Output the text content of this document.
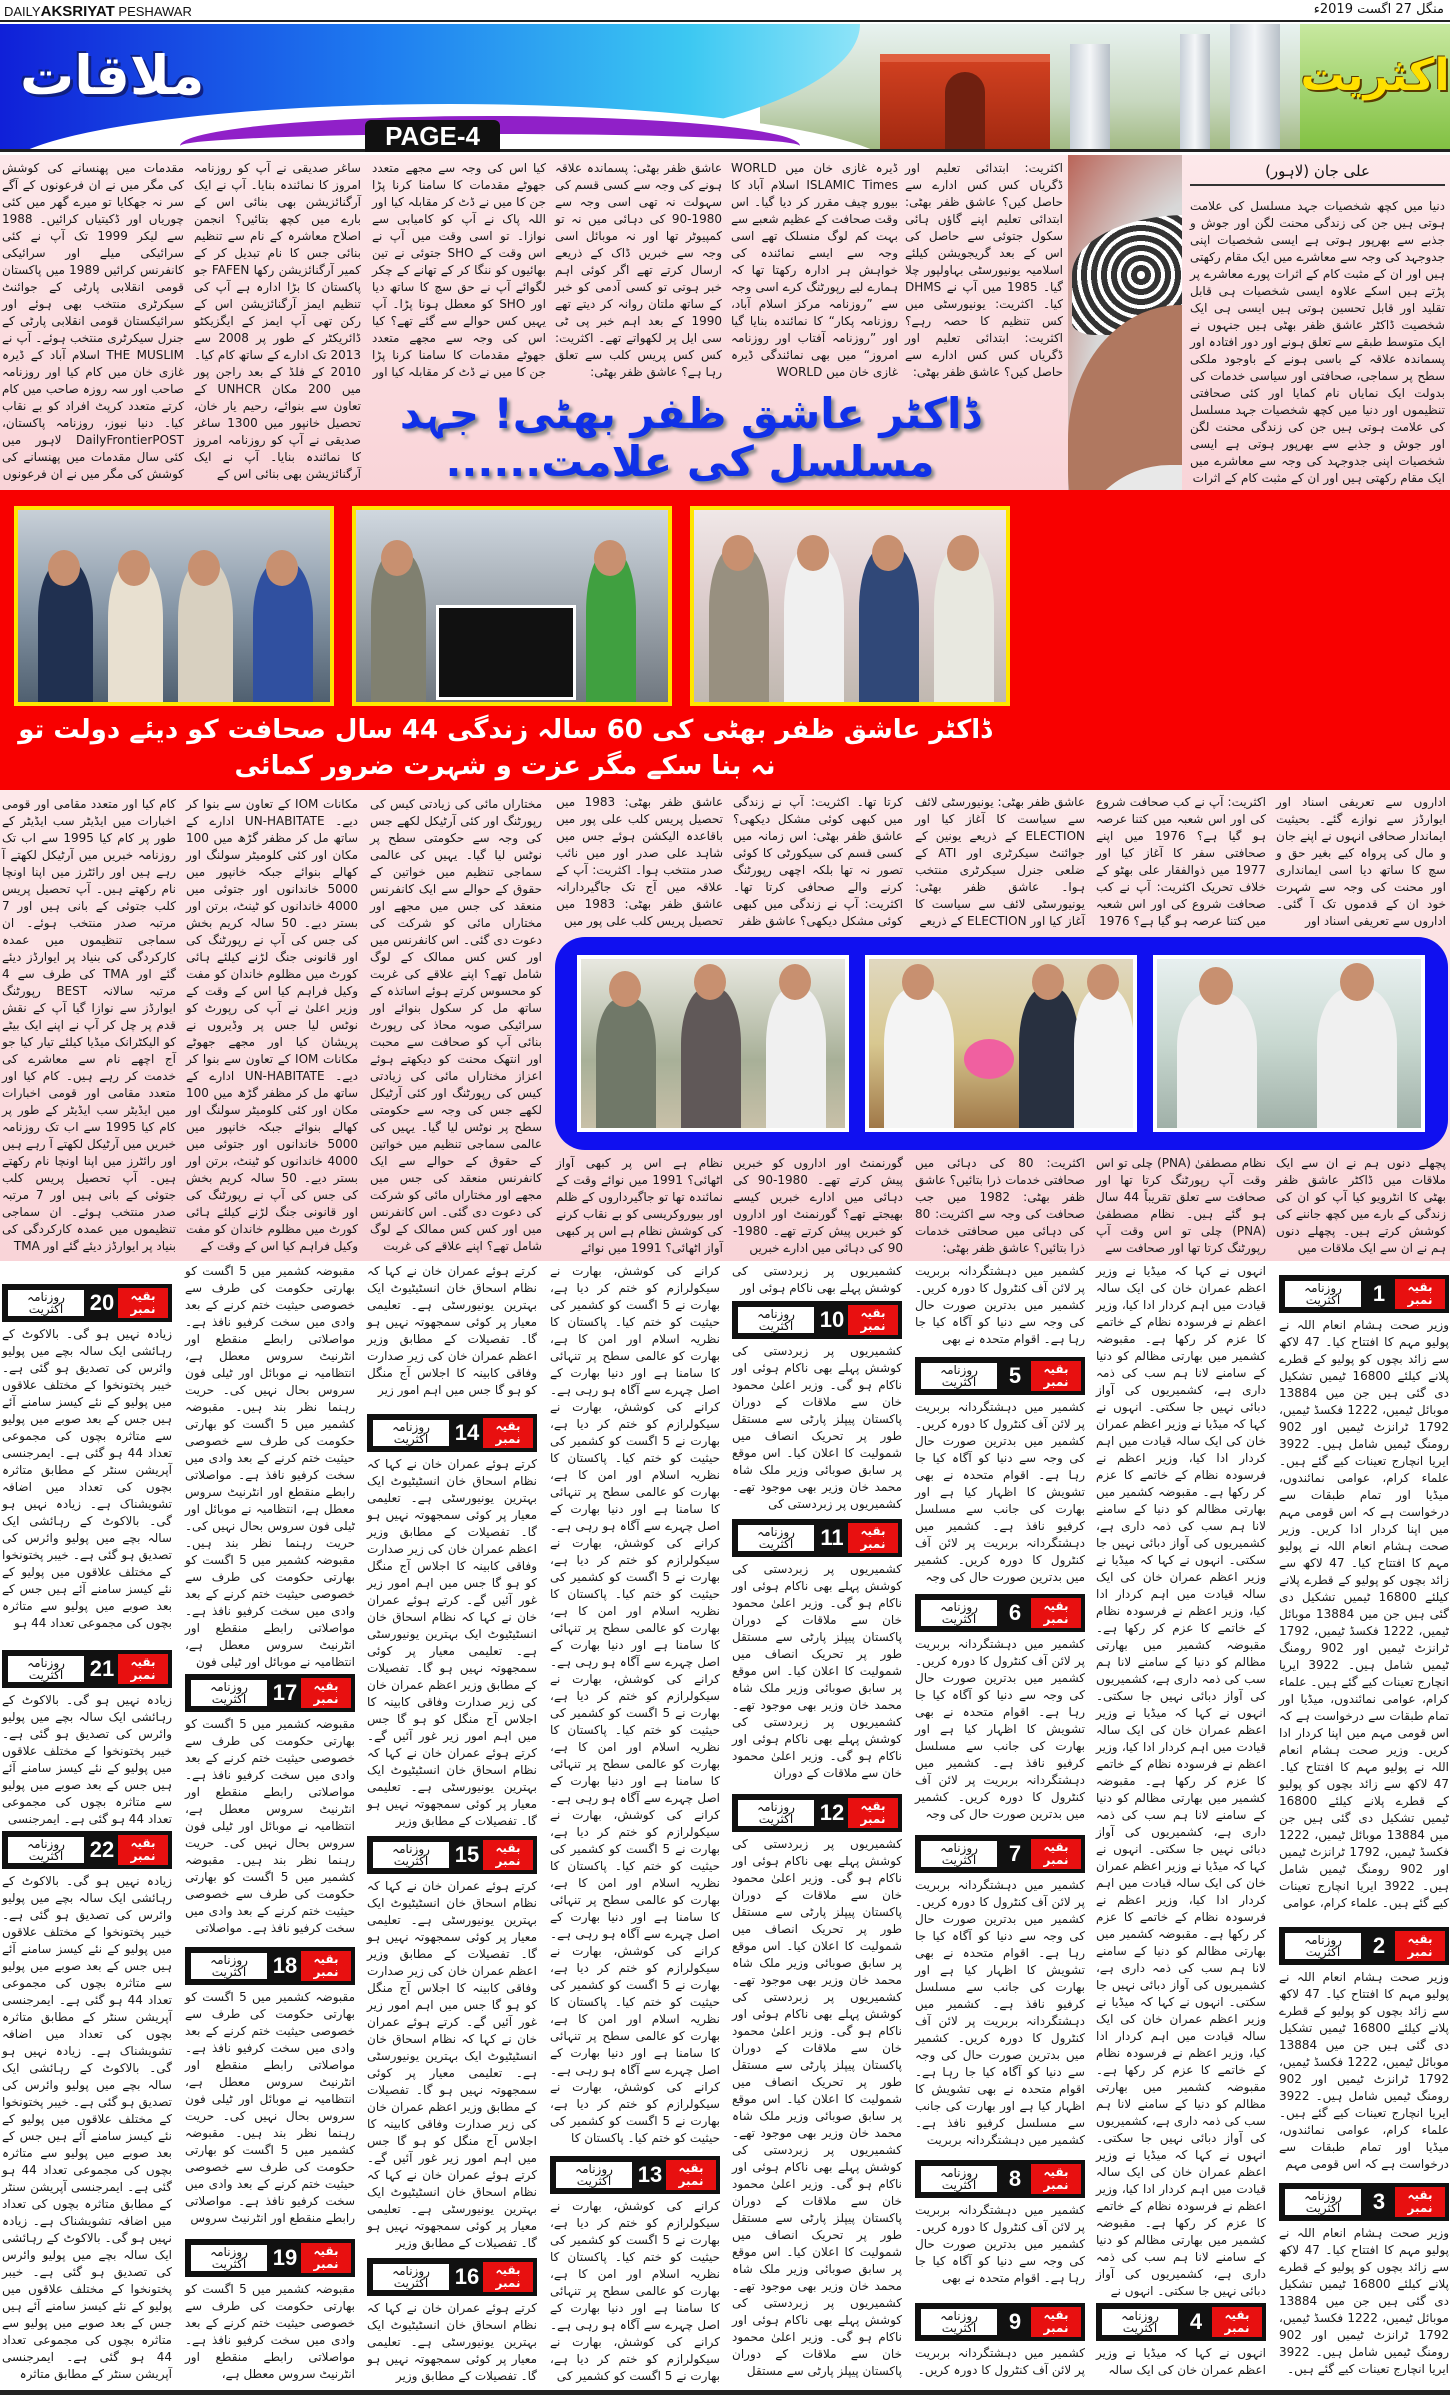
DAILYAKSRIYAT PESHAWAR	منگل 27 اگست 2019ء
ملاقات	اکثریت
PAGE-4
علی جان (لاہور)
دنیا میں کچھ شخصیات جہد مسلسل کی علامت ہوتی ہیں جن کی زندگی محنت لگن اور جوش و جذبے سے بھرپور ہوتی ہے ایسی شخصیات اپنی جدوجہد کی وجہ سے معاشرے میں ایک مقام رکھتی ہیں اور ان کے مثبت کام کے اثرات پورے معاشرے پر پڑتے ہیں اسکے علاوہ ایسی شخصیات ہی قابل تقلید اور قابل تحسین ہوتی ہیں ایسی ہی ایک شخصیت ڈاکٹر عاشق ظفر بھٹی ہیں جنہوں نے ایک متوسط طبقے سے تعلق ہونے اور دور افتادہ اور پسماندہ علاقہ کے باسی ہونے کے باوجود ملکی سطح پر سماجی، صحافتی اور سیاسی خدمات کی بدولت ایک نمایاں نام کمایا اور کئی صحافتی تنظیموں اور دنیا میں کچھ شخصیات جہد مسلسل کی علامت ہوتی ہیں جن کی زندگی محنت لگن اور جوش و جذبے سے بھرپور ہوتی ہے ایسی شخصیات اپنی جدوجہد کی وجہ سے معاشرے میں ایک مقام رکھتی ہیں اور ان کے مثبت کام کے اثرات
اکثریت: ابتدائی تعلیم اور ڈگریاں کس کس ادارے سے حاصل کیں؟ عاشق ظفر بھٹی: ابتدائی تعلیم اپنے گاؤں ہائی سکول جتوئی سے حاصل کی اس کے بعد گریجویشن کیلئے اسلامیہ یونیورسٹی بہاولپور چلا گیا۔ 1985 میں آپ نے DHMS کیا۔ اکثریت: یونیورسٹی میں کس تنظیم کا حصہ رہے؟ اکثریت: ابتدائی تعلیم اور ڈگریاں کس کس ادارے سے حاصل کیں؟ عاشق ظفر بھٹی:
ڈیرہ غازی خان میں WORLD ISLAMIC Times اسلام آباد کا بیورو چیف مقرر کر دیا گیا۔ اس وقت صحافت کے عظیم شعبے سے بہت کم لوگ منسلک تھے اسی وجہ سے ایسے نمائندہ کی خواہش ہر ادارہ رکھتا تھا کہ ہمارے لیے رپورٹنگ کرے اسی وجہ سے ”روزنامہ مرکز اسلام آباد، روزنامہ پکار“ کا نمائندہ بنایا گیا اور ”روزنامہ آفتاب اور روزنامہ امروز“ میں بھی نمائندگی ڈیرہ غازی خان میں WORLD
عاشق ظفر بھٹی: پسماندہ علاقہ ہونے کی وجہ سے کسی قسم کی سہولت نہ تھی اسی وجہ سے 1980-90 کی دہائی میں نہ تو کمپیوٹر تھا اور نہ موبائل اسی وجہ سے خبریں ڈاک کے ذریعے ارسال کرتے تھے اگر کوئی اہم خبر ہوتی تو کسی آدمی کو خبر کے ساتھ ملتان روانہ کر دیتے تھے 1990 کے بعد اہم خبر پی ٹی سی ایل پر لکھواتے تھے۔ اکثریت: کس کس پریس کلب سے تعلق رہا ہے؟ عاشق ظفر بھٹی:
کیا اس کی وجہ سے مجھے متعدد جھوٹے مقدمات کا سامنا کرنا پڑا جن کا میں نے ڈٹ کر مقابلہ کیا اور اللہ پاک نے آپ کو کامیابی سے نوازا۔ تو اسی وقت میں آپ نے اس وقت کے SHO جتوئی نے تین بھائیوں کو ننگا کر کے تھانے کے چکر لگوائے آپ نے حق سچ کا ساتھ دیا اور SHO کو معطل ہونا پڑا۔ آپ یہیں کس حوالے سے گئے تھے؟ کیا اس کی وجہ سے مجھے متعدد جھوٹے مقدمات کا سامنا کرنا پڑا جن کا میں نے ڈٹ کر مقابلہ کیا اور
ساغر صدیقی نے آپ کو روزنامہ امروز کا نمائندہ بنایا۔ آپ نے ایک آرگنائزیشن بھی بنائی اس کے بارے میں کچھ بتائیں؟ انجمن اصلاح معاشرہ کے نام سے تنظیم بنائی جس کا نام تبدیل کر کے کمیر آرگنائزیشن رکھا FAFEN جو پاکستان کا بڑا ادارہ ہے آپ کی تنظیم ایمز آرگنائزیشن اس کے رکن تھی آپ ایمز کے ایگزیکٹو ڈائریکٹر کے طور پر 2008 سے 2013 تک ادارے کے ساتھ کام کیا۔ 2010 کے فلڈ کے بعد راجن پور میں 200 مکان UNHCR کے تعاون سے بنوائے، رحیم یار خان، تحصیل خانپور میں 1300 ساغر صدیقی نے آپ کو روزنامہ امروز کا نمائندہ بنایا۔ آپ نے ایک آرگنائزیشن بھی بنائی اس کے
مقدمات میں پھنسانے کی کوشش کی مگر میں نے ان فرعونوں کے آگے سر نہ جھکایا تو میرے گھر میں کئی چوریاں اور ڈکیتیاں کرائیں۔ 1988 سے لیکر 1999 تک آپ نے کئی سرائیکی میلے اور سرائیکی کانفرنس کرائیں 1989 میں پاکستان قومی انقلابی پارٹی کے جوائنٹ سیکرٹری منتخب بھی ہوئے اور سرائیکستان قومی انقلابی پارٹی کے جنرل سیکرٹری منتخب ہوئے۔ آپ نے THE MUSLIM اسلام آباد کے ڈیرہ غازی خان میں کام کیا اور روزنامہ صاحب اور سہ روزہ صاحب میں کام کرتے متعدد کرپٹ افراد کو بے نقاب کیا۔ دنیا نیوز، روزنامہ پاکستان، DailyFrontierPOST لاہور میں کئی سال مقدمات میں پھنسانے کی کوشش کی مگر میں نے ان فرعونوں
ڈاکٹر عاشق ظفر بھٹی! جہد مسلسل کی علامت......
ڈاکٹر عاشق ظفر بھٹی کی 60 سالہ زندگی 44 سال صحافت کو دیئے دولت تو نہ بنا سکے مگر عزت و شہرت ضرور کمائی
اداروں سے تعریفی اسناد اور ایوارڈز سے نوازے گئے۔ بحیثیت ایماندار صحافی انہوں نے اپنے جان و مال کی پرواہ کیے بغیر حق و سچ کا ساتھ دیا اسی ایمانداری اور محنت کی وجہ سے شہرت خود ان کے قدموں تک آ گئی۔ اداروں سے تعریفی اسناد اور
اکثریت: آپ نے کب صحافت شروع کی اور اس شعبہ میں کتنا عرصہ ہو گیا ہے؟ 1976 میں اپنے صحافتی سفر کا آغاز کیا اور 1977 میں ذوالفقار علی بھٹو کے خلاف تحریک اکثریت: آپ نے کب صحافت شروع کی اور اس شعبہ میں کتنا عرصہ ہو گیا ہے؟ 1976
عاشق ظفر بھٹی: یونیورسٹی لائف سے سیاست کا آغاز کیا اور ELECTION کے ذریعے یونین کے جوائنٹ سیکرٹری اور ATI کے ضلعی جنرل سیکرٹری منتخب ہوا۔ عاشق ظفر بھٹی: یونیورسٹی لائف سے سیاست کا آغاز کیا اور ELECTION کے ذریعے
کرتا تھا۔ اکثریت: آپ نے زندگی میں کبھی کوئی مشکل دیکھی؟ عاشق ظفر بھٹی: اس زمانہ میں کسی قسم کی سیکورٹی کا کوئی تصور نہ تھا بلکہ اچھی رپورٹنگ کرنے والے صحافی کرتا تھا۔ اکثریت: آپ نے زندگی میں کبھی کوئی مشکل دیکھی؟ عاشق ظفر
عاشق ظفر بھٹی: 1983 میں تحصیل پریس کلب علی پور میں باقاعدہ الیکشن ہوئے جس میں شاہد علی صدر اور میں نائب صدر منتخب ہوا۔ اکثریت: آپ کے علاقہ میں آج تک جاگیردارانہ عاشق ظفر بھٹی: 1983 میں تحصیل پریس کلب علی پور میں
مختاراں مائی کی زیادتی کیس کی رپورٹنگ اور کئی آرٹیکل لکھے جس کی وجہ سے حکومتی سطح پر نوٹس لیا گیا۔ یہیں کی عالمی سماجی تنظیم میں خواتین کے حقوق کے حوالے سے ایک کانفرنس منعقد کی جس میں مجھے اور مختاراں مائی کو شرکت کی دعوت دی گئی۔ اس کانفرنس میں اور کس کس ممالک کے لوگ شامل تھے؟ اپنے علاقے کی غربت کو محسوس کرتے ہوئے اساتذہ کے ساتھ مل کر سکول بنوائے اور سرائیکی صوبہ محاذ کی رپورٹ بنائی آپ کو صحافت سے محبت اور انتھک محنت کو دیکھتے ہوئے اعزاز مختاراں مائی کی زیادتی کیس کی رپورٹنگ اور کئی آرٹیکل لکھے جس کی وجہ سے حکومتی سطح پر نوٹس لیا گیا۔ یہیں کی عالمی سماجی تنظیم میں خواتین کے حقوق کے حوالے سے ایک کانفرنس منعقد کی جس میں مجھے اور مختاراں مائی کو شرکت کی دعوت دی گئی۔ اس کانفرنس میں اور کس کس ممالک کے لوگ شامل تھے؟ اپنے علاقے کی غربت
مکانات IOM کے تعاون سے بنوا کر دیے۔ UN-HABITATE ادارے کے ساتھ مل کر مظفر گڑھ میں 100 مکان اور کئی کلومیٹر سولنگ اور کھالے بنوائے جبکہ خانپور میں 5000 خاندانوں اور جتوئی میں 4000 خاندانوں کو ٹینٹ، برتن اور بستر دیے۔ 50 سالہ کریم بخش کی جس کی آپ نے رپورٹنگ کی اور قانونی جنگ لڑنے کیلئے ہائی کورٹ میں مظلوم خاندان کو مفت وکیل فراہم کیا اس کے وقت کے وزیر اعلیٰ نے آپ کی رپورٹ کو نوٹس لیا جس پر وڈیروں نے پریشان کیا اور مجھے جھوٹے مکانات IOM کے تعاون سے بنوا کر دیے۔ UN-HABITATE ادارے کے ساتھ مل کر مظفر گڑھ میں 100 مکان اور کئی کلومیٹر سولنگ اور کھالے بنوائے جبکہ خانپور میں 5000 خاندانوں اور جتوئی میں 4000 خاندانوں کو ٹینٹ، برتن اور بستر دیے۔ 50 سالہ کریم بخش کی جس کی آپ نے رپورٹنگ کی اور قانونی جنگ لڑنے کیلئے ہائی کورٹ میں مظلوم خاندان کو مفت وکیل فراہم کیا اس کے وقت کے
کام کیا اور متعدد مقامی اور قومی اخبارات میں ایڈیٹر سب ایڈیٹر کے طور پر کام کیا 1995 سے اب تک روزنامہ خبریں میں آرٹیکل لکھتے آ رہے ہیں اور رائٹرز میں اپنا اونچا نام رکھتے ہیں۔ آپ تحصیل پریس کلب جتوئی کے بانی ہیں اور 7 مرتبہ صدر منتخب ہوئے۔ ان سماجی تنظیموں میں عمدہ کارکردگی کی بنیاد پر ایوارڈز دیئے گئے اور TMA کی طرف سے 4 مرتبہ سالانہ BEST رپورٹنگ ایوارڈز سے نوازا گیا آپ کے نقش قدم پر چل کر آپ نے اپنے ایک بیٹے کو الیکٹرانک میڈیا کیلئے تیار کیا جو آج اچھے نام سے معاشرے کی خدمت کر رہے ہیں۔ کام کیا اور متعدد مقامی اور قومی اخبارات میں ایڈیٹر سب ایڈیٹر کے طور پر کام کیا 1995 سے اب تک روزنامہ خبریں میں آرٹیکل لکھتے آ رہے ہیں اور رائٹرز میں اپنا اونچا نام رکھتے ہیں۔ آپ تحصیل پریس کلب جتوئی کے بانی ہیں اور 7 مرتبہ صدر منتخب ہوئے۔ ان سماجی تنظیموں میں عمدہ کارکردگی کی بنیاد پر ایوارڈز دیئے گئے اور TMA
پچھلے دنوں ہم نے ان سے ایک ملاقات میں ڈاکٹر عاشق ظفر بھٹی کا انٹرویو کیا آپ کو ان کی زندگی کے بارے میں کچھ جاننے کی کوشش کرتے ہیں۔ پچھلے دنوں ہم نے ان سے ایک ملاقات میں
نظام مصطفیٰ (PNA) چلی تو اس وقت آپ رپورٹنگ کرتا تھا اور صحافت سے تعلق تقریباً 44 سال ہو گئے ہیں۔ نظام مصطفیٰ (PNA) چلی تو اس وقت آپ رپورٹنگ کرتا تھا اور صحافت سے
اکثریت: 80 کی دہائی میں صحافتی خدمات ذرا بتائیں؟ عاشق ظفر بھٹی: 1982 میں جب صحافت کی وجہ سے اکثریت: 80 کی دہائی میں صحافتی خدمات ذرا بتائیں؟ عاشق ظفر بھٹی:
گورنمنٹ اور اداروں کو خبریں پیش کرتے تھے۔ 1980-90 کی دہائی میں ادارے خبریں کیسے بھیجتے تھے؟ گورنمنٹ اور اداروں کو خبریں پیش کرتے تھے۔ 1980-90 کی دہائی میں ادارے خبریں
نظام ہے اس پر کبھی آواز اٹھائی؟ 1991 میں نوائے وقت کے نمائندہ تھا تو جاگیرداروں کے ظلم اور بیوروکریسی کو بے نقاب کرنے کی کوشش نظام ہے اس پر کبھی آواز اٹھائی؟ 1991 میں نوائے
بقیہ نمبر
1
روزنامہ اکثریت
وزیر صحت ہشام انعام اللہ نے پولیو مہم کا افتتاح کیا۔ 47 لاکھ سے زائد بچوں کو پولیو کے قطرے پلانے کیلئے 16800 ٹیمیں تشکیل دی گئی ہیں جن میں 13884 موبائل ٹیمیں، 1222 فکسڈ ٹیمیں، 1792 ٹرانزٹ ٹیمیں اور 902 رومنگ ٹیمیں شامل ہیں۔ 3922 ایریا انچارج تعینات کیے گئے ہیں۔ علماء کرام، عوامی نمائندوں، میڈیا اور تمام طبقات سے درخواست ہے کہ اس قومی مہم میں اپنا کردار ادا کریں۔ وزیر صحت ہشام انعام اللہ نے پولیو مہم کا افتتاح کیا۔ 47 لاکھ سے زائد بچوں کو پولیو کے قطرے پلانے کیلئے 16800 ٹیمیں تشکیل دی گئی ہیں جن میں 13884 موبائل ٹیمیں، 1222 فکسڈ ٹیمیں، 1792 ٹرانزٹ ٹیمیں اور 902 رومنگ ٹیمیں شامل ہیں۔ 3922 ایریا انچارج تعینات کیے گئے ہیں۔ علماء کرام، عوامی نمائندوں، میڈیا اور تمام طبقات سے درخواست ہے کہ اس قومی مہم میں اپنا کردار ادا کریں۔ وزیر صحت ہشام انعام اللہ نے پولیو مہم کا افتتاح کیا۔ 47 لاکھ سے زائد بچوں کو پولیو کے قطرے پلانے کیلئے 16800 ٹیمیں تشکیل دی گئی ہیں جن میں 13884 موبائل ٹیمیں، 1222 فکسڈ ٹیمیں، 1792 ٹرانزٹ ٹیمیں اور 902 رومنگ ٹیمیں شامل ہیں۔ 3922 ایریا انچارج تعینات کیے گئے ہیں۔ علماء کرام، عوامی
بقیہ نمبر
2
روزنامہ اکثریت
وزیر صحت ہشام انعام اللہ نے پولیو مہم کا افتتاح کیا۔ 47 لاکھ سے زائد بچوں کو پولیو کے قطرے پلانے کیلئے 16800 ٹیمیں تشکیل دی گئی ہیں جن میں 13884 موبائل ٹیمیں، 1222 فکسڈ ٹیمیں، 1792 ٹرانزٹ ٹیمیں اور 902 رومنگ ٹیمیں شامل ہیں۔ 3922 ایریا انچارج تعینات کیے گئے ہیں۔ علماء کرام، عوامی نمائندوں، میڈیا اور تمام طبقات سے درخواست ہے کہ اس قومی مہم
بقیہ نمبر
3
روزنامہ اکثریت
وزیر صحت ہشام انعام اللہ نے پولیو مہم کا افتتاح کیا۔ 47 لاکھ سے زائد بچوں کو پولیو کے قطرے پلانے کیلئے 16800 ٹیمیں تشکیل دی گئی ہیں جن میں 13884 موبائل ٹیمیں، 1222 فکسڈ ٹیمیں، 1792 ٹرانزٹ ٹیمیں اور 902 رومنگ ٹیمیں شامل ہیں۔ 3922 ایریا انچارج تعینات کیے گئے ہیں۔
انہوں نے کہا کہ میڈیا نے وزیر اعظم عمران خان کی ایک سالہ قیادت میں اہم کردار ادا کیا، وزیر اعظم نے فرسودہ نظام کے خاتمے کا عزم کر رکھا ہے۔ مقبوضہ کشمیر میں بھارتی مظالم کو دنیا کے سامنے لانا ہم سب کی ذمہ داری ہے، کشمیریوں کی آواز دبائی نہیں جا سکتی۔ انہوں نے کہا کہ میڈیا نے وزیر اعظم عمران خان کی ایک سالہ قیادت میں اہم کردار ادا کیا، وزیر اعظم نے فرسودہ نظام کے خاتمے کا عزم کر رکھا ہے۔ مقبوضہ کشمیر میں بھارتی مظالم کو دنیا کے سامنے لانا ہم سب کی ذمہ داری ہے، کشمیریوں کی آواز دبائی نہیں جا سکتی۔ انہوں نے کہا کہ میڈیا نے وزیر اعظم عمران خان کی ایک سالہ قیادت میں اہم کردار ادا کیا، وزیر اعظم نے فرسودہ نظام کے خاتمے کا عزم کر رکھا ہے۔ مقبوضہ کشمیر میں بھارتی مظالم کو دنیا کے سامنے لانا ہم سب کی ذمہ داری ہے، کشمیریوں کی آواز دبائی نہیں جا سکتی۔ انہوں نے کہا کہ میڈیا نے وزیر اعظم عمران خان کی ایک سالہ قیادت میں اہم کردار ادا کیا، وزیر اعظم نے فرسودہ نظام کے خاتمے کا عزم کر رکھا ہے۔ مقبوضہ کشمیر میں بھارتی مظالم کو دنیا کے سامنے لانا ہم سب کی ذمہ داری ہے، کشمیریوں کی آواز دبائی نہیں جا سکتی۔ انہوں نے کہا کہ میڈیا نے وزیر اعظم عمران خان کی ایک سالہ قیادت میں اہم کردار ادا کیا، وزیر اعظم نے فرسودہ نظام کے خاتمے کا عزم کر رکھا ہے۔ مقبوضہ کشمیر میں بھارتی مظالم کو دنیا کے سامنے لانا ہم سب کی ذمہ داری ہے، کشمیریوں کی آواز دبائی نہیں جا سکتی۔ انہوں نے کہا کہ میڈیا نے وزیر اعظم عمران خان کی ایک سالہ قیادت میں اہم کردار ادا کیا، وزیر اعظم نے فرسودہ نظام کے خاتمے کا عزم کر رکھا ہے۔ مقبوضہ کشمیر میں بھارتی مظالم کو دنیا کے سامنے لانا ہم سب کی ذمہ داری ہے، کشمیریوں کی آواز دبائی نہیں جا سکتی۔ انہوں نے کہا کہ میڈیا نے وزیر اعظم عمران خان کی ایک سالہ قیادت میں اہم کردار ادا کیا، وزیر اعظم نے فرسودہ نظام کے خاتمے کا عزم کر رکھا ہے۔ مقبوضہ کشمیر میں بھارتی مظالم کو دنیا کے سامنے لانا ہم سب کی ذمہ داری ہے، کشمیریوں کی آواز دبائی نہیں جا سکتی۔ انہوں نے
بقیہ نمبر
4
روزنامہ اکثریت
انہوں نے کہا کہ میڈیا نے وزیر اعظم عمران خان کی ایک سالہ
کشمیر میں دہشتگردانہ بربریت پر لائن آف کنٹرول کا دورہ کریں۔ کشمیر میں بدترین صورت حال کی وجہ سے دنیا کو آگاہ کیا جا رہا ہے۔ اقوام متحدہ نے بھی
بقیہ نمبر
5
روزنامہ اکثریت
کشمیر میں دہشتگردانہ بربریت پر لائن آف کنٹرول کا دورہ کریں۔ کشمیر میں بدترین صورت حال کی وجہ سے دنیا کو آگاہ کیا جا رہا ہے۔ اقوام متحدہ نے بھی تشویش کا اظہار کیا ہے اور بھارت کی جانب سے مسلسل کرفیو نافذ ہے۔ کشمیر میں دہشتگردانہ بربریت پر لائن آف کنٹرول کا دورہ کریں۔ کشمیر میں بدترین صورت حال کی وجہ
بقیہ نمبر
6
روزنامہ اکثریت
کشمیر میں دہشتگردانہ بربریت پر لائن آف کنٹرول کا دورہ کریں۔ کشمیر میں بدترین صورت حال کی وجہ سے دنیا کو آگاہ کیا جا رہا ہے۔ اقوام متحدہ نے بھی تشویش کا اظہار کیا ہے اور بھارت کی جانب سے مسلسل کرفیو نافذ ہے۔ کشمیر میں دہشتگردانہ بربریت پر لائن آف کنٹرول کا دورہ کریں۔ کشمیر میں بدترین صورت حال کی وجہ
بقیہ نمبر
7
روزنامہ اکثریت
کشمیر میں دہشتگردانہ بربریت پر لائن آف کنٹرول کا دورہ کریں۔ کشمیر میں بدترین صورت حال کی وجہ سے دنیا کو آگاہ کیا جا رہا ہے۔ اقوام متحدہ نے بھی تشویش کا اظہار کیا ہے اور بھارت کی جانب سے مسلسل کرفیو نافذ ہے۔ کشمیر میں دہشتگردانہ بربریت پر لائن آف کنٹرول کا دورہ کریں۔ کشمیر میں بدترین صورت حال کی وجہ سے دنیا کو آگاہ کیا جا رہا ہے۔ اقوام متحدہ نے بھی تشویش کا اظہار کیا ہے اور بھارت کی جانب سے مسلسل کرفیو نافذ ہے۔ کشمیر میں دہشتگردانہ بربریت
بقیہ نمبر
8
روزنامہ اکثریت
کشمیر میں دہشتگردانہ بربریت پر لائن آف کنٹرول کا دورہ کریں۔ کشمیر میں بدترین صورت حال کی وجہ سے دنیا کو آگاہ کیا جا رہا ہے۔ اقوام متحدہ نے بھی
بقیہ نمبر
9
روزنامہ اکثریت
کشمیر میں دہشتگردانہ بربریت پر لائن آف کنٹرول کا دورہ کریں۔
کشمیریوں پر زبردستی کی کوشش پہلے بھی ناکام ہوئی اور
بقیہ نمبر
10
روزنامہ اکثریت
کشمیریوں پر زبردستی کی کوشش پہلے بھی ناکام ہوئی اور ناکام ہو گی۔ وزیر اعلیٰ محمود خان سے ملاقات کے دوران پاکستان پیپلز پارٹی سے مستقل طور پر تحریک انصاف میں شمولیت کا اعلان کیا۔ اس موقع پر سابق صوبائی وزیر ملک شاہ محمد خان وزیر بھی موجود تھے۔ کشمیریوں پر زبردستی کی
بقیہ نمبر
11
روزنامہ اکثریت
کشمیریوں پر زبردستی کی کوشش پہلے بھی ناکام ہوئی اور ناکام ہو گی۔ وزیر اعلیٰ محمود خان سے ملاقات کے دوران پاکستان پیپلز پارٹی سے مستقل طور پر تحریک انصاف میں شمولیت کا اعلان کیا۔ اس موقع پر سابق صوبائی وزیر ملک شاہ محمد خان وزیر بھی موجود تھے۔ کشمیریوں پر زبردستی کی کوشش پہلے بھی ناکام ہوئی اور ناکام ہو گی۔ وزیر اعلیٰ محمود خان سے ملاقات کے دوران
بقیہ نمبر
12
روزنامہ اکثریت
کشمیریوں پر زبردستی کی کوشش پہلے بھی ناکام ہوئی اور ناکام ہو گی۔ وزیر اعلیٰ محمود خان سے ملاقات کے دوران پاکستان پیپلز پارٹی سے مستقل طور پر تحریک انصاف میں شمولیت کا اعلان کیا۔ اس موقع پر سابق صوبائی وزیر ملک شاہ محمد خان وزیر بھی موجود تھے۔ کشمیریوں پر زبردستی کی کوشش پہلے بھی ناکام ہوئی اور ناکام ہو گی۔ وزیر اعلیٰ محمود خان سے ملاقات کے دوران پاکستان پیپلز پارٹی سے مستقل طور پر تحریک انصاف میں شمولیت کا اعلان کیا۔ اس موقع پر سابق صوبائی وزیر ملک شاہ محمد خان وزیر بھی موجود تھے۔ کشمیریوں پر زبردستی کی کوشش پہلے بھی ناکام ہوئی اور ناکام ہو گی۔ وزیر اعلیٰ محمود خان سے ملاقات کے دوران پاکستان پیپلز پارٹی سے مستقل طور پر تحریک انصاف میں شمولیت کا اعلان کیا۔ اس موقع پر سابق صوبائی وزیر ملک شاہ محمد خان وزیر بھی موجود تھے۔ کشمیریوں پر زبردستی کی کوشش پہلے بھی ناکام ہوئی اور ناکام ہو گی۔ وزیر اعلیٰ محمود خان سے ملاقات کے دوران پاکستان پیپلز پارٹی سے مستقل
کرانے کی کوشش، بھارت نے سیکولرازم کو ختم کر دیا ہے، بھارت نے 5 اگست کو کشمیر کی حیثیت کو ختم کیا۔ پاکستان کا نظریہ اسلام اور امن کا ہے، بھارت کو عالمی سطح پر تنہائی کا سامنا ہے اور دنیا بھارت کے اصل چہرے سے آگاہ ہو رہی ہے۔ کرانے کی کوشش، بھارت نے سیکولرازم کو ختم کر دیا ہے، بھارت نے 5 اگست کو کشمیر کی حیثیت کو ختم کیا۔ پاکستان کا نظریہ اسلام اور امن کا ہے، بھارت کو عالمی سطح پر تنہائی کا سامنا ہے اور دنیا بھارت کے اصل چہرے سے آگاہ ہو رہی ہے۔ کرانے کی کوشش، بھارت نے سیکولرازم کو ختم کر دیا ہے، بھارت نے 5 اگست کو کشمیر کی حیثیت کو ختم کیا۔ پاکستان کا نظریہ اسلام اور امن کا ہے، بھارت کو عالمی سطح پر تنہائی کا سامنا ہے اور دنیا بھارت کے اصل چہرے سے آگاہ ہو رہی ہے۔ کرانے کی کوشش، بھارت نے سیکولرازم کو ختم کر دیا ہے، بھارت نے 5 اگست کو کشمیر کی حیثیت کو ختم کیا۔ پاکستان کا نظریہ اسلام اور امن کا ہے، بھارت کو عالمی سطح پر تنہائی کا سامنا ہے اور دنیا بھارت کے اصل چہرے سے آگاہ ہو رہی ہے۔ کرانے کی کوشش، بھارت نے سیکولرازم کو ختم کر دیا ہے، بھارت نے 5 اگست کو کشمیر کی حیثیت کو ختم کیا۔ پاکستان کا نظریہ اسلام اور امن کا ہے، بھارت کو عالمی سطح پر تنہائی کا سامنا ہے اور دنیا بھارت کے اصل چہرے سے آگاہ ہو رہی ہے۔ کرانے کی کوشش، بھارت نے سیکولرازم کو ختم کر دیا ہے، بھارت نے 5 اگست کو کشمیر کی حیثیت کو ختم کیا۔ پاکستان کا نظریہ اسلام اور امن کا ہے، بھارت کو عالمی سطح پر تنہائی کا سامنا ہے اور دنیا بھارت کے اصل چہرے سے آگاہ ہو رہی ہے۔ کرانے کی کوشش، بھارت نے سیکولرازم کو ختم کر دیا ہے، بھارت نے 5 اگست کو کشمیر کی حیثیت کو ختم کیا۔ پاکستان کا
بقیہ نمبر
13
روزنامہ اکثریت
کرانے کی کوشش، بھارت نے سیکولرازم کو ختم کر دیا ہے، بھارت نے 5 اگست کو کشمیر کی حیثیت کو ختم کیا۔ پاکستان کا نظریہ اسلام اور امن کا ہے، بھارت کو عالمی سطح پر تنہائی کا سامنا ہے اور دنیا بھارت کے اصل چہرے سے آگاہ ہو رہی ہے۔ کرانے کی کوشش، بھارت نے سیکولرازم کو ختم کر دیا ہے، بھارت نے 5 اگست کو کشمیر کی
کرتے ہوئے عمران خان نے کہا کہ نظام اسحاق خان انسٹیٹیوٹ ایک بہترین یونیورسٹی ہے۔ تعلیمی معیار پر کوئی سمجھوتہ نہیں ہو گا۔ تفصیلات کے مطابق وزیر اعظم عمران خان کی زیر صدارت وفاقی کابینہ کا اجلاس آج منگل کو ہو گا جس میں اہم امور زیر
بقیہ نمبر
14
روزنامہ اکثریت
کرتے ہوئے عمران خان نے کہا کہ نظام اسحاق خان انسٹیٹیوٹ ایک بہترین یونیورسٹی ہے۔ تعلیمی معیار پر کوئی سمجھوتہ نہیں ہو گا۔ تفصیلات کے مطابق وزیر اعظم عمران خان کی زیر صدارت وفاقی کابینہ کا اجلاس آج منگل کو ہو گا جس میں اہم امور زیر غور آئیں گے۔ کرتے ہوئے عمران خان نے کہا کہ نظام اسحاق خان انسٹیٹیوٹ ایک بہترین یونیورسٹی ہے۔ تعلیمی معیار پر کوئی سمجھوتہ نہیں ہو گا۔ تفصیلات کے مطابق وزیر اعظم عمران خان کی زیر صدارت وفاقی کابینہ کا اجلاس آج منگل کو ہو گا جس میں اہم امور زیر غور آئیں گے۔ کرتے ہوئے عمران خان نے کہا کہ نظام اسحاق خان انسٹیٹیوٹ ایک بہترین یونیورسٹی ہے۔ تعلیمی معیار پر کوئی سمجھوتہ نہیں ہو گا۔ تفصیلات کے مطابق وزیر
بقیہ نمبر
15
روزنامہ اکثریت
کرتے ہوئے عمران خان نے کہا کہ نظام اسحاق خان انسٹیٹیوٹ ایک بہترین یونیورسٹی ہے۔ تعلیمی معیار پر کوئی سمجھوتہ نہیں ہو گا۔ تفصیلات کے مطابق وزیر اعظم عمران خان کی زیر صدارت وفاقی کابینہ کا اجلاس آج منگل کو ہو گا جس میں اہم امور زیر غور آئیں گے۔ کرتے ہوئے عمران خان نے کہا کہ نظام اسحاق خان انسٹیٹیوٹ ایک بہترین یونیورسٹی ہے۔ تعلیمی معیار پر کوئی سمجھوتہ نہیں ہو گا۔ تفصیلات کے مطابق وزیر اعظم عمران خان کی زیر صدارت وفاقی کابینہ کا اجلاس آج منگل کو ہو گا جس میں اہم امور زیر غور آئیں گے۔ کرتے ہوئے عمران خان نے کہا کہ نظام اسحاق خان انسٹیٹیوٹ ایک بہترین یونیورسٹی ہے۔ تعلیمی معیار پر کوئی سمجھوتہ نہیں ہو گا۔ تفصیلات کے مطابق وزیر
بقیہ نمبر
16
روزنامہ اکثریت
کرتے ہوئے عمران خان نے کہا کہ نظام اسحاق خان انسٹیٹیوٹ ایک بہترین یونیورسٹی ہے۔ تعلیمی معیار پر کوئی سمجھوتہ نہیں ہو گا۔ تفصیلات کے مطابق وزیر
مقبوضہ کشمیر میں 5 اگست کو بھارتی حکومت کی طرف سے خصوصی حیثیت ختم کرنے کے بعد وادی میں سخت کرفیو نافذ ہے۔ مواصلاتی رابطے منقطع اور انٹرنیٹ سروس معطل ہے، انتظامیہ نے موبائل اور ٹیلی فون سروس بحال نہیں کی۔ حریت رہنما نظر بند ہیں۔ مقبوضہ کشمیر میں 5 اگست کو بھارتی حکومت کی طرف سے خصوصی حیثیت ختم کرنے کے بعد وادی میں سخت کرفیو نافذ ہے۔ مواصلاتی رابطے منقطع اور انٹرنیٹ سروس معطل ہے، انتظامیہ نے موبائل اور ٹیلی فون سروس بحال نہیں کی۔ حریت رہنما نظر بند ہیں۔ مقبوضہ کشمیر میں 5 اگست کو بھارتی حکومت کی طرف سے خصوصی حیثیت ختم کرنے کے بعد وادی میں سخت کرفیو نافذ ہے۔ مواصلاتی رابطے منقطع اور انٹرنیٹ سروس معطل ہے، انتظامیہ نے موبائل اور ٹیلی فون
بقیہ نمبر
17
روزنامہ اکثریت
مقبوضہ کشمیر میں 5 اگست کو بھارتی حکومت کی طرف سے خصوصی حیثیت ختم کرنے کے بعد وادی میں سخت کرفیو نافذ ہے۔ مواصلاتی رابطے منقطع اور انٹرنیٹ سروس معطل ہے، انتظامیہ نے موبائل اور ٹیلی فون سروس بحال نہیں کی۔ حریت رہنما نظر بند ہیں۔ مقبوضہ کشمیر میں 5 اگست کو بھارتی حکومت کی طرف سے خصوصی حیثیت ختم کرنے کے بعد وادی میں سخت کرفیو نافذ ہے۔ مواصلاتی
بقیہ نمبر
18
روزنامہ اکثریت
مقبوضہ کشمیر میں 5 اگست کو بھارتی حکومت کی طرف سے خصوصی حیثیت ختم کرنے کے بعد وادی میں سخت کرفیو نافذ ہے۔ مواصلاتی رابطے منقطع اور انٹرنیٹ سروس معطل ہے، انتظامیہ نے موبائل اور ٹیلی فون سروس بحال نہیں کی۔ حریت رہنما نظر بند ہیں۔ مقبوضہ کشمیر میں 5 اگست کو بھارتی حکومت کی طرف سے خصوصی حیثیت ختم کرنے کے بعد وادی میں سخت کرفیو نافذ ہے۔ مواصلاتی رابطے منقطع اور انٹرنیٹ سروس
بقیہ نمبر
19
روزنامہ اکثریت
مقبوضہ کشمیر میں 5 اگست کو بھارتی حکومت کی طرف سے خصوصی حیثیت ختم کرنے کے بعد وادی میں سخت کرفیو نافذ ہے۔ مواصلاتی رابطے منقطع اور انٹرنیٹ سروس معطل ہے،
بقیہ نمبر
20
روزنامہ اکثریت
زیادہ نہیں ہو گی۔ بالاکوٹ کے رہائشی ایک سالہ بچے میں پولیو وائرس کی تصدیق ہو گئی ہے۔ خیبر پختونخوا کے مختلف علاقوں میں پولیو کے نئے کیسز سامنے آئے ہیں جس کے بعد صوبے میں پولیو سے متاثرہ بچوں کی مجموعی تعداد 44 ہو گئی ہے۔ ایمرجنسی آپریشن سنٹر کے مطابق متاثرہ بچوں کی تعداد میں اضافہ تشویشناک ہے۔ زیادہ نہیں ہو گی۔ بالاکوٹ کے رہائشی ایک سالہ بچے میں پولیو وائرس کی تصدیق ہو گئی ہے۔ خیبر پختونخوا کے مختلف علاقوں میں پولیو کے نئے کیسز سامنے آئے ہیں جس کے بعد صوبے میں پولیو سے متاثرہ بچوں کی مجموعی تعداد 44 ہو
بقیہ نمبر
21
روزنامہ اکثریت
زیادہ نہیں ہو گی۔ بالاکوٹ کے رہائشی ایک سالہ بچے میں پولیو وائرس کی تصدیق ہو گئی ہے۔ خیبر پختونخوا کے مختلف علاقوں میں پولیو کے نئے کیسز سامنے آئے ہیں جس کے بعد صوبے میں پولیو سے متاثرہ بچوں کی مجموعی تعداد 44 ہو گئی ہے۔ ایمرجنسی
بقیہ نمبر
22
روزنامہ اکثریت
زیادہ نہیں ہو گی۔ بالاکوٹ کے رہائشی ایک سالہ بچے میں پولیو وائرس کی تصدیق ہو گئی ہے۔ خیبر پختونخوا کے مختلف علاقوں میں پولیو کے نئے کیسز سامنے آئے ہیں جس کے بعد صوبے میں پولیو سے متاثرہ بچوں کی مجموعی تعداد 44 ہو گئی ہے۔ ایمرجنسی آپریشن سنٹر کے مطابق متاثرہ بچوں کی تعداد میں اضافہ تشویشناک ہے۔ زیادہ نہیں ہو گی۔ بالاکوٹ کے رہائشی ایک سالہ بچے میں پولیو وائرس کی تصدیق ہو گئی ہے۔ خیبر پختونخوا کے مختلف علاقوں میں پولیو کے نئے کیسز سامنے آئے ہیں جس کے بعد صوبے میں پولیو سے متاثرہ بچوں کی مجموعی تعداد 44 ہو گئی ہے۔ ایمرجنسی آپریشن سنٹر کے مطابق متاثرہ بچوں کی تعداد میں اضافہ تشویشناک ہے۔ زیادہ نہیں ہو گی۔ بالاکوٹ کے رہائشی ایک سالہ بچے میں پولیو وائرس کی تصدیق ہو گئی ہے۔ خیبر پختونخوا کے مختلف علاقوں میں پولیو کے نئے کیسز سامنے آئے ہیں جس کے بعد صوبے میں پولیو سے متاثرہ بچوں کی مجموعی تعداد 44 ہو گئی ہے۔ ایمرجنسی آپریشن سنٹر کے مطابق متاثرہ
